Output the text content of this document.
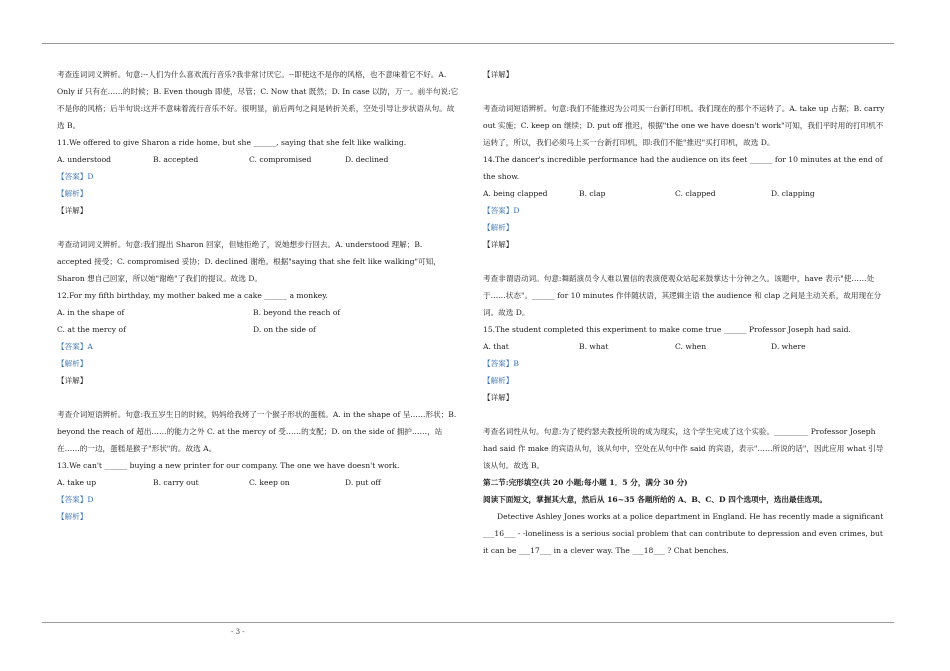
考查连词词义辨析。句意:--人们为什么喜欢流行音乐?我非常讨厌它。--即使这不是你的风格，也不意味着它不好。A. Only if 只有在……的时候；B. Even though 即使，尽管；C. Now that 既然；D. In case 以防，万一。前半句说:它不是你的风格；后半句说:这并不意味着流行音乐不好。很明显，前后两句之间是转折关系，空处引导让步状语从句。故选 B。

11.We offered to give Sharon a ride home, but she ______, saying that she felt like walking.

A. understood	B. accepted	C. compromised	D. declined

【答案】D

【解析】

【详解】

考查动词词义辨析。句意:我们提出 Sharon 回家，但她拒绝了，说她想步行回去。A. understood 理解；B. accepted 接受；C. compromised 妥协；D. declined 谢绝。根据"saying that she felt like walking"可知，Sharon 想自己回家，所以她"谢绝"了我们的提议。故选 D。

12.For my fifth birthday, my mother baked me a cake ______ a monkey.

A. in the shape of	B. beyond the reach of
C. at the mercy of	D. on the side of

【答案】A

【解析】

【详解】

考查介词短语辨析。句意:我五岁生日的时候，妈妈给我烤了一个猴子形状的蛋糕。A. in the shape of 呈……形状；B. beyond the reach of 超出……的能力之外 C. at the mercy of 受……的支配；D. on the side of 拥护……，站在……的一边，蛋糕是猴子"形状"的。故选 A。

13.We can't ______ buying a new printer for our company. The one we have doesn't work.

A. take up	B. carry out	C. keep on	D. put off

【答案】D

【解析】

【详解】

考查动词短语辨析。句意:我们不能推迟为公司买一台新打印机。我们现在的那个不运转了。A. take up 占据；B. carry out 实施；C. keep on 继续；D. put off 推迟，根据"the one we have doesn't work"可知，我们平时用的打印机不运转了，所以，我们必须马上买一台新打印机，即:我们不能"推迟"买打印机，故选 D。

14.The dancer's incredible performance had the audience on its feet ______ for 10 minutes at the end of the show.

A. being clapped	B. clap	C. clapped	D. clapping

【答案】D

【解析】

【详解】

考查非谓语动词。句意:舞蹈演员令人难以置信的表演使观众站起来鼓掌达十分钟之久。该题中，have 表示"使……处于……状态"。______ for 10 minutes 作伴随状语，其逻辑主语 the audience 和 clap 之间是主动关系，故用现在分词。故选 D。

15.The student completed this experiment to make come true ______ Professor Joseph had said.

A. that	B. what	C. when	D. where

【答案】B

【解析】

【详解】

考查名词性从句。句意:为了使约瑟夫教授所说的成为现实，这个学生完成了这个实验。_________ Professor Joseph had said 作 make 的宾语从句，该从句中，空处在从句中作 said 的宾语，表示"……所说的话"，因此应用 what 引导该从句。故选 B。

第二节:完形填空(共 20 小题;每小题 1．5 分，满分 30 分)

阅读下面短文，掌握其大意，然后从 16~35 各题所给的 A、B、C、D 四个选项中，选出最佳选项。

Detective Ashley Jones works at a police department in England. He has recently made a significant ___16___ - -loneliness is a serious social problem that can contribute to depression and even crimes, but it can be ___17___ in a clever way. The ___18___ ? Chat benches.

- 3 -
